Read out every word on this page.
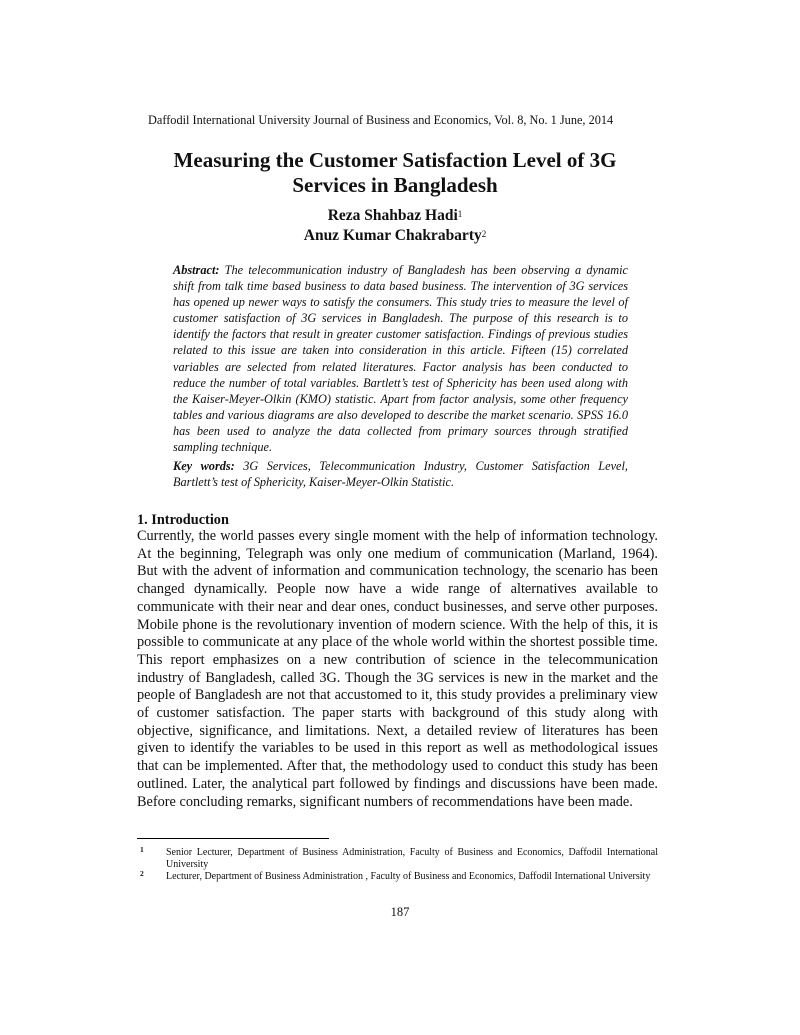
Daffodil International University Journal of Business and Economics, Vol. 8, No. 1 June, 2014
Measuring the Customer Satisfaction Level of 3G
Services in Bangladesh
Reza Shahbaz Hadi$^1$
Anuz Kumar Chakrabarty$^2$

Abstract: The telecommunication industry of Bangladesh has been observing a dynamic shift from talk time based business to data based business. The intervention of 3G services has opened up newer ways to satisfy the consumers. This study tries to measure the level of customer satisfaction of 3G services in Bangladesh. The purpose of this research is to identify the factors that result in greater customer satisfaction. Findings of previous studies related to this issue are taken into consideration in this article. Fifteen (15) correlated variables are selected from related literatures. Factor analysis has been conducted to reduce the number of total variables. Bartlett’s test of Sphericity has been used along with the Kaiser-Meyer-Olkin (KMO) statistic. Apart from factor analysis, some other frequency tables and various diagrams are also developed to describe the market scenario. SPSS 16.0 has been used to analyze the data collected from primary sources through stratified sampling technique.

Key words: 3G Services, Telecommunication Industry, Customer Satisfaction Level, Bartlett’s test of Sphericity, Kaiser-Meyer-Olkin Statistic.

1. Introduction

Currently, the world passes every single moment with the help of information technology. At the beginning, Telegraph was only one medium of communication (Marland, 1964). But with the advent of information and communication technology, the scenario has been changed dynamically. People now have a wide range of alternatives available to communicate with their near and dear ones, conduct businesses, and serve other purposes. Mobile phone is the revolutionary invention of modern science. With the help of this, it is possible to communicate at any place of the whole world within the shortest possible time. This report emphasizes on a new contribution of science in the telecommunication industry of Bangladesh, called 3G. Though the 3G services is new in the market and the people of Bangladesh are not that accustomed to it, this study provides a preliminary view of customer satisfaction. The paper starts with background of this study along with objective, significance, and limitations. Next, a detailed review of literatures has been given to identify the variables to be used in this report as well as methodological issues that can be implemented. After that, the methodology used to conduct this study has been outlined. Later, the analytical part followed by findings and discussions have been made. Before concluding remarks, significant numbers of recommendations have been made.

1 Senior Lecturer, Department of Business Administration, Faculty of Business and Economics, Daffodil International University
2 Lecturer, Department of Business Administration , Faculty of Business and Economics, Daffodil International University
187
